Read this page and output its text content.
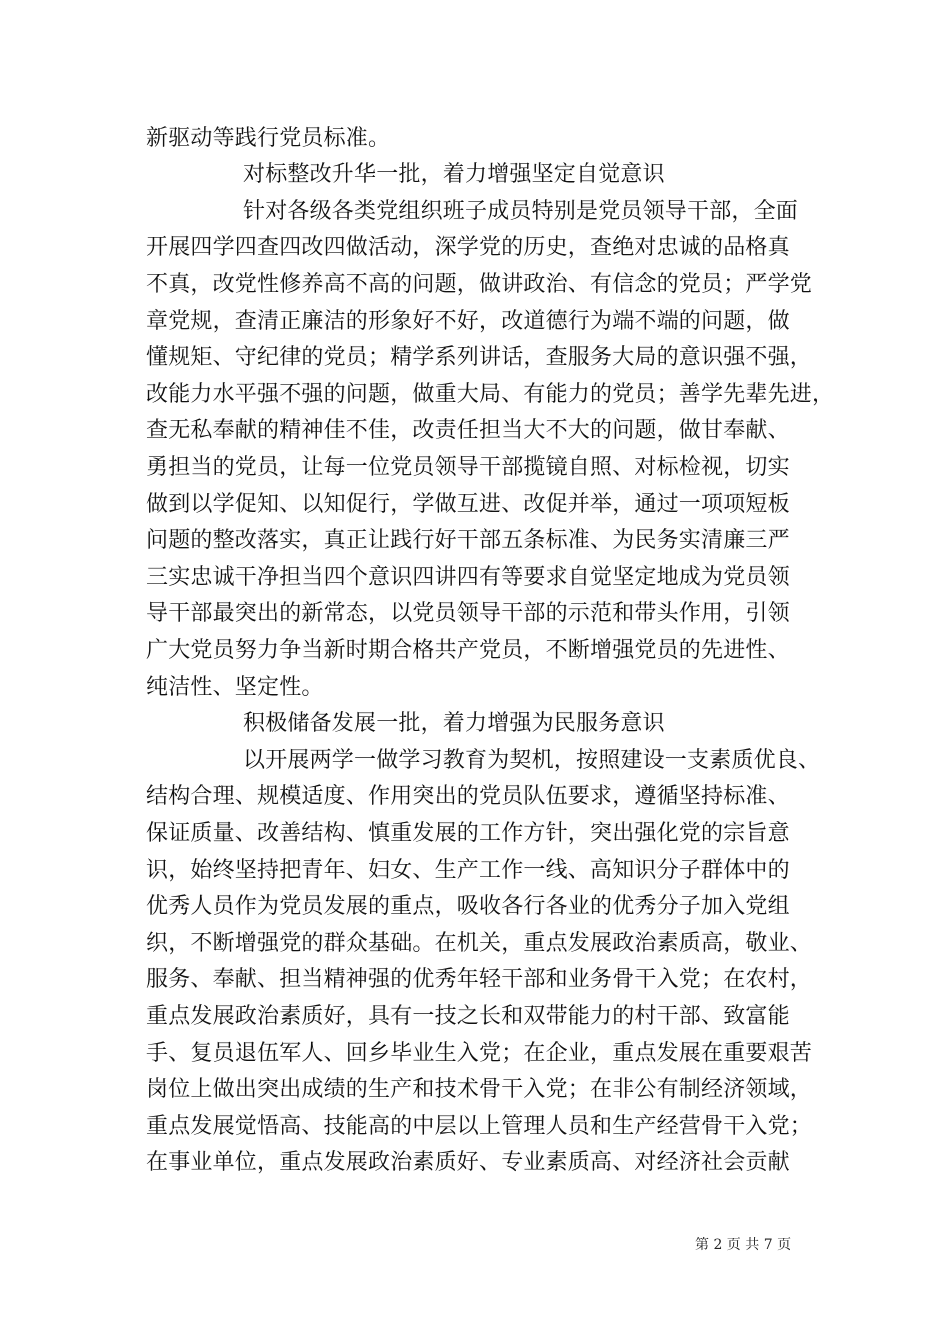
新驱动等践行党员标准。
对标整改升华一批，着力增强坚定自觉意识
针对各级各类党组织班子成员特别是党员领导干部，全面
开展四学四查四改四做活动，深学党的历史，查绝对忠诚的品格真
不真，改党性修养高不高的问题，做讲政治、有信念的党员；严学党
章党规，查清正廉洁的形象好不好，改道德行为端不端的问题，做
懂规矩、守纪律的党员；精学系列讲话，查服务大局的意识强不强，
改能力水平强不强的问题，做重大局、有能力的党员；善学先辈先进，
查无私奉献的精神佳不佳，改责任担当大不大的问题，做甘奉献、
勇担当的党员，让每一位党员领导干部揽镜自照、对标检视，切实
做到以学促知、以知促行，学做互进、改促并举，通过一项项短板
问题的整改落实，真正让践行好干部五条标准、为民务实清廉三严
三实忠诚干净担当四个意识四讲四有等要求自觉坚定地成为党员领
导干部最突出的新常态，以党员领导干部的示范和带头作用，引领
广大党员努力争当新时期合格共产党员，不断增强党员的先进性、
纯洁性、坚定性。
积极储备发展一批，着力增强为民服务意识
以开展两学一做学习教育为契机，按照建设一支素质优良、
结构合理、规模适度、作用突出的党员队伍要求，遵循坚持标准、
保证质量、改善结构、慎重发展的工作方针，突出强化党的宗旨意
识，始终坚持把青年、妇女、生产工作一线、高知识分子群体中的
优秀人员作为党员发展的重点，吸收各行各业的优秀分子加入党组
织，不断增强党的群众基础。在机关，重点发展政治素质高，敬业、
服务、奉献、担当精神强的优秀年轻干部和业务骨干入党；在农村，
重点发展政治素质好，具有一技之长和双带能力的村干部、致富能
手、复员退伍军人、回乡毕业生入党；在企业，重点发展在重要艰苦
岗位上做出突出成绩的生产和技术骨干入党；在非公有制经济领域，
重点发展觉悟高、技能高的中层以上管理人员和生产经营骨干入党；
在事业单位，重点发展政治素质好、专业素质高、对经济社会贡献
第 2 页 共 7 页
